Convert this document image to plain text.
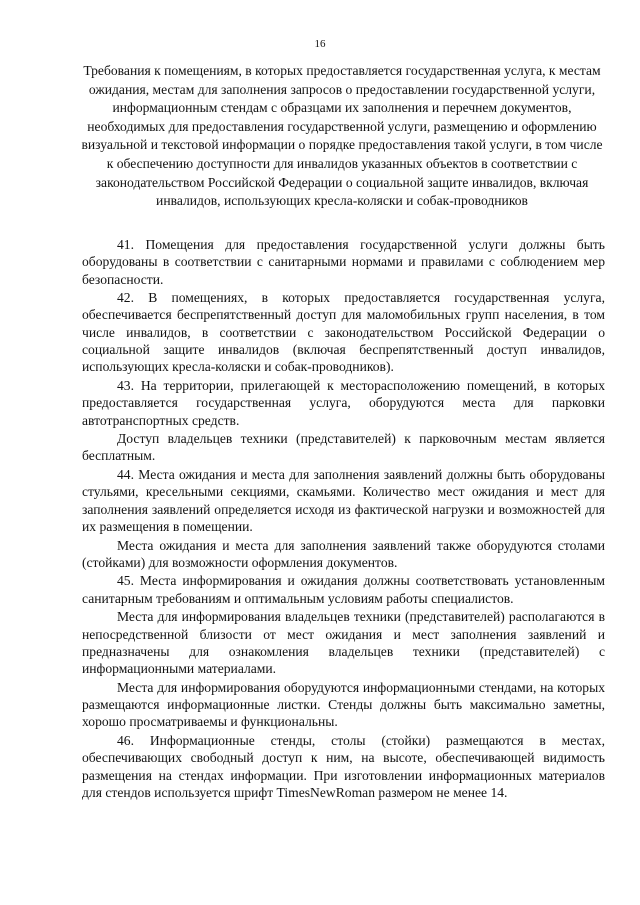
16
Требования к помещениям, в которых предоставляется государственная услуга, к местам ожидания, местам для заполнения запросов о предоставлении государственной услуги, информационным стендам с образцами их заполнения и перечнем документов, необходимых для предоставления государственной услуги, размещению и оформлению визуальной и текстовой информации о порядке предоставления такой услуги, в том числе к обеспечению доступности для инвалидов указанных объектов в соответствии с законодательством Российской Федерации о социальной защите инвалидов, включая инвалидов, использующих кресла-коляски и собак-проводников

41. Помещения для предоставления государственной услуги должны быть оборудованы в соответствии с санитарными нормами и правилами с соблюдением мер безопасности.

42. В помещениях, в которых предоставляется государственная услуга, обеспечивается беспрепятственный доступ для маломобильных групп населения, в том числе инвалидов, в соответствии с законодательством Российской Федерации о социальной защите инвалидов (включая беспрепятственный доступ инвалидов, использующих кресла-коляски и собак-проводников).

43. На территории, прилегающей к месторасположению помещений, в которых предоставляется государственная услуга, оборудуются места для парковки автотранспортных средств.

Доступ владельцев техники (представителей) к парковочным местам является бесплатным.

44. Места ожидания и места для заполнения заявлений должны быть оборудованы стульями, кресельными секциями, скамьями. Количество мест ожидания и мест для заполнения заявлений определяется исходя из фактической нагрузки и возможностей для их размещения в помещении.

Места ожидания и места для заполнения заявлений также оборудуются столами (стойками) для возможности оформления документов.

45. Места информирования и ожидания должны соответствовать установленным санитарным требованиям и оптимальным условиям работы специалистов.

Места для информирования владельцев техники (представителей) располагаются в непосредственной близости от мест ожидания и мест заполнения заявлений и предназначены для ознакомления владельцев техники (представителей) с информационными материалами.

Места для информирования оборудуются информационными стендами, на которых размещаются информационные листки. Стенды должны быть максимально заметны, хорошо просматриваемы и функциональны.

46. Информационные стенды, столы (стойки) размещаются в местах, обеспечивающих свободный доступ к ним, на высоте, обеспечивающей видимость размещения на стендах информации. При изготовлении информационных материалов для стендов используется шрифт TimesNewRoman размером не менее 14.
